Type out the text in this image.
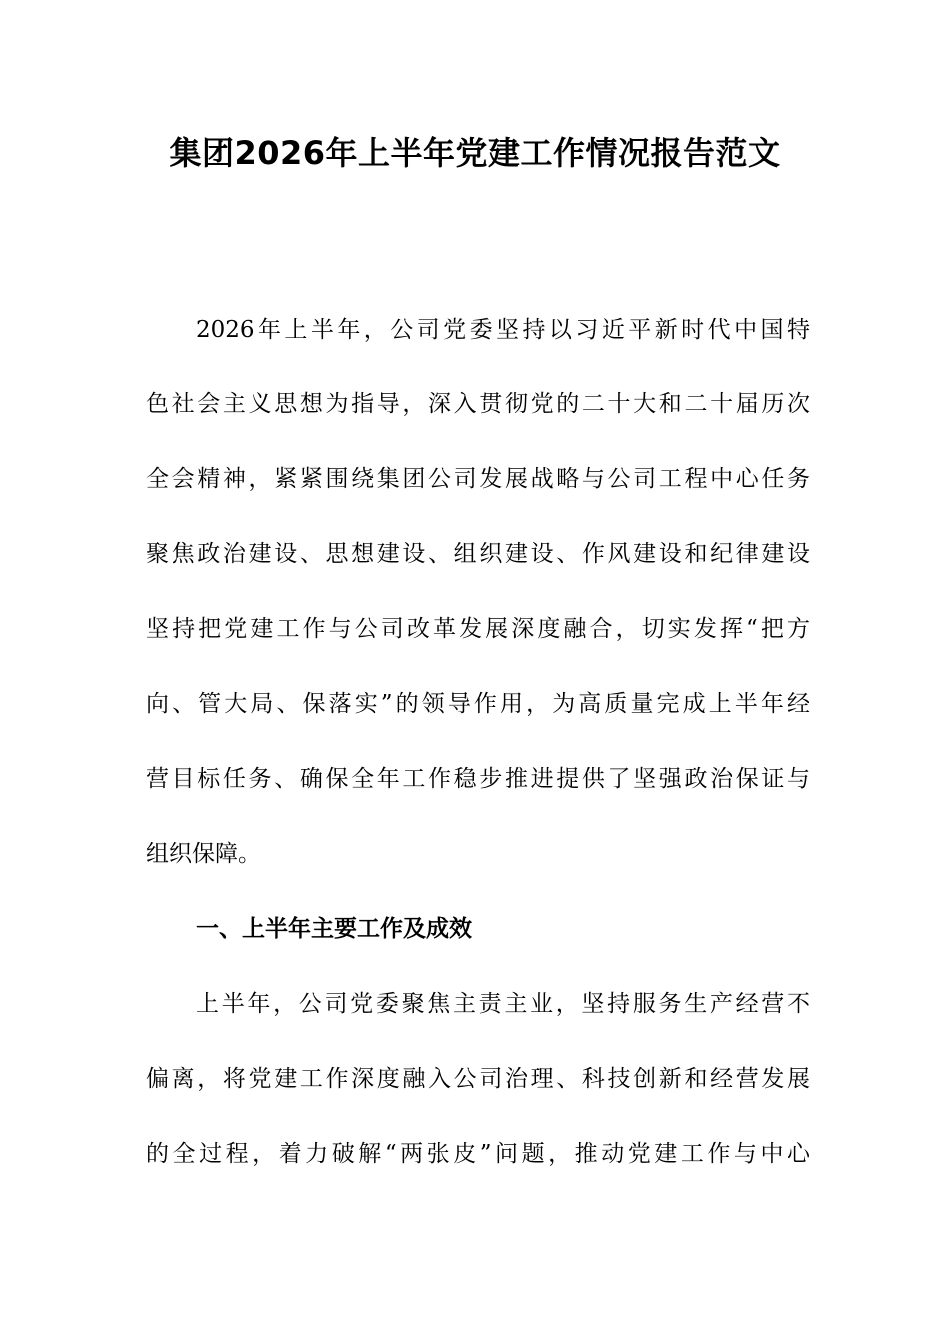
集团2026年上半年党建工作情况报告范文

2026年上半年，公司党委坚持以习近平新时代中国特

色社会主义思想为指导，深入贯彻党的二十大和二十届历次

全会精神，紧紧围绕集团公司发展战略与公司工程中心任务

聚焦政治建设、思想建设、组织建设、作风建设和纪律建设

坚持把党建工作与公司改革发展深度融合，切实发挥“把方

向、管大局、保落实”的领导作用，为高质量完成上半年经

营目标任务、确保全年工作稳步推进提供了坚强政治保证与

组织保障。

一、上半年主要工作及成效

上半年，公司党委聚焦主责主业，坚持服务生产经营不

偏离，将党建工作深度融入公司治理、科技创新和经营发展

的全过程，着力破解“两张皮”问题，推动党建工作与中心
